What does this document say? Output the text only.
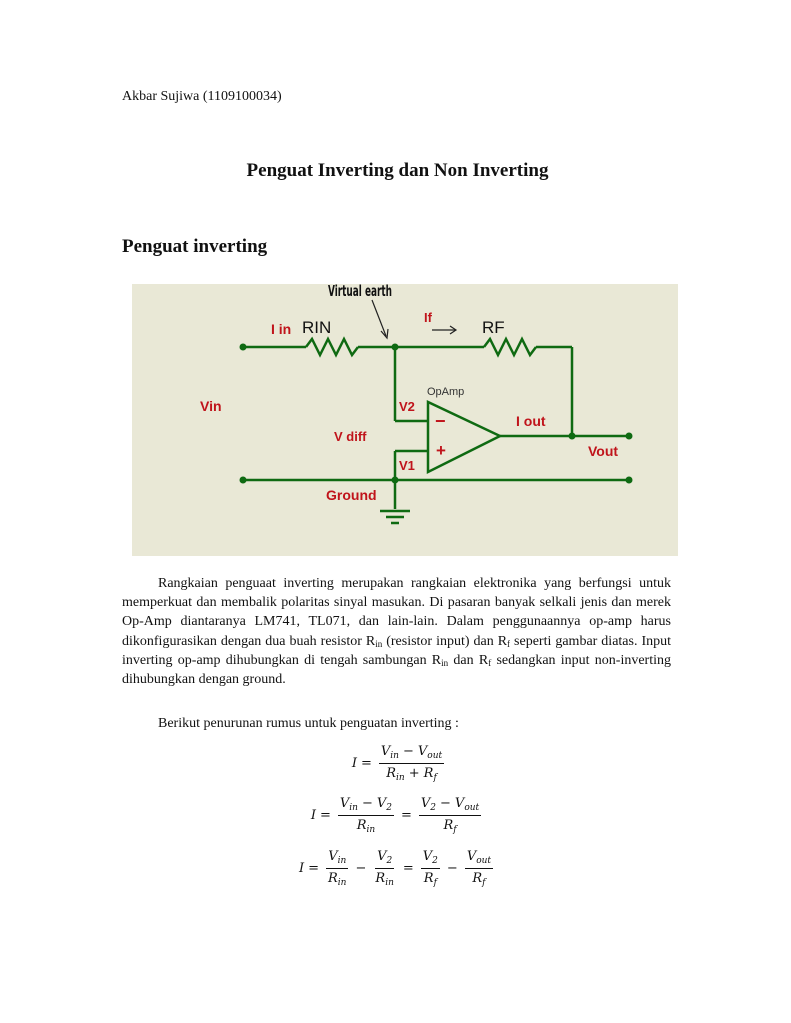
Akbar Sujiwa (1109100034)
Penguat Inverting dan Non Inverting
Penguat inverting
Virtual earth
I in RIN
If
RF
Vin
OpAmp
V2
V diff
−
+
I out
Vout
V1
Ground
Rangkaian penguaat inverting merupakan rangkaian elektronika yang berfungsi untuk memperkuat dan membalik polaritas sinyal masukan. Di pasaran banyak selkali jenis dan merek Op-Amp diantaranya LM741, TL071, dan lain-lain. Dalam penggunaannya op-amp harus dikonfigurasikan dengan dua buah resistor $R_{in}$ (resistor input) dan $R_f$ seperti gambar diatas. Input inverting op-amp dihubungkan di tengah sambungan $R_{in}$ dan $R_f$ sedangkan input non-inverting dihubungkan dengan ground.
Berikut penurunan rumus untuk penguatan inverting :
$I = \frac{V_{in} - V_{out}}{R_{in} + R_f}$
$I = \frac{V_{in} - V_2}{R_{in}} = \frac{V_2 - V_{out}}{R_f}$
$I = \frac{V_{in}}{R_{in}} - \frac{V_2}{R_{in}} = \frac{V_2}{R_f} - \frac{V_{out}}{R_f}$
